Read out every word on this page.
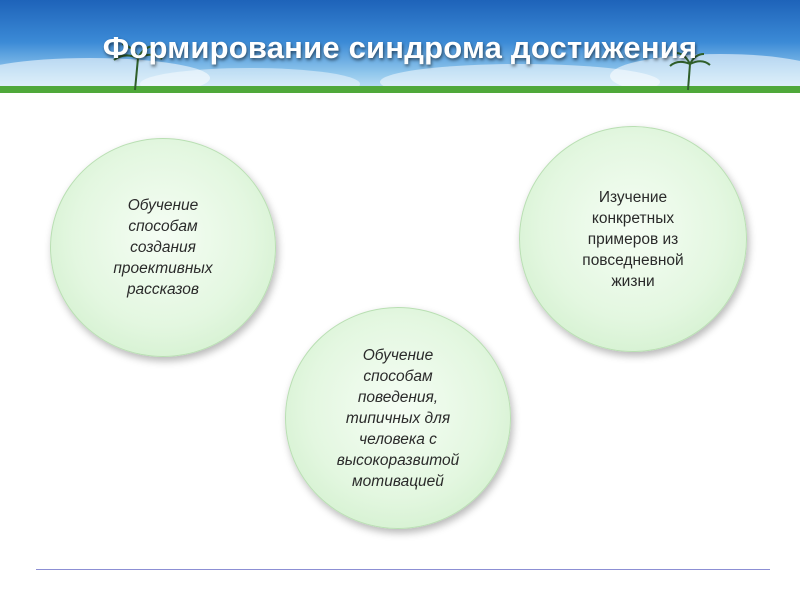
Формирование синдрома достижения
Обучение
способам
создания
проективных
рассказов
Изучение
конкретных
примеров из
повседневной
жизни
Обучение
способам
поведения,
типичных для
человека с
высокоразвитой
мотивацией
